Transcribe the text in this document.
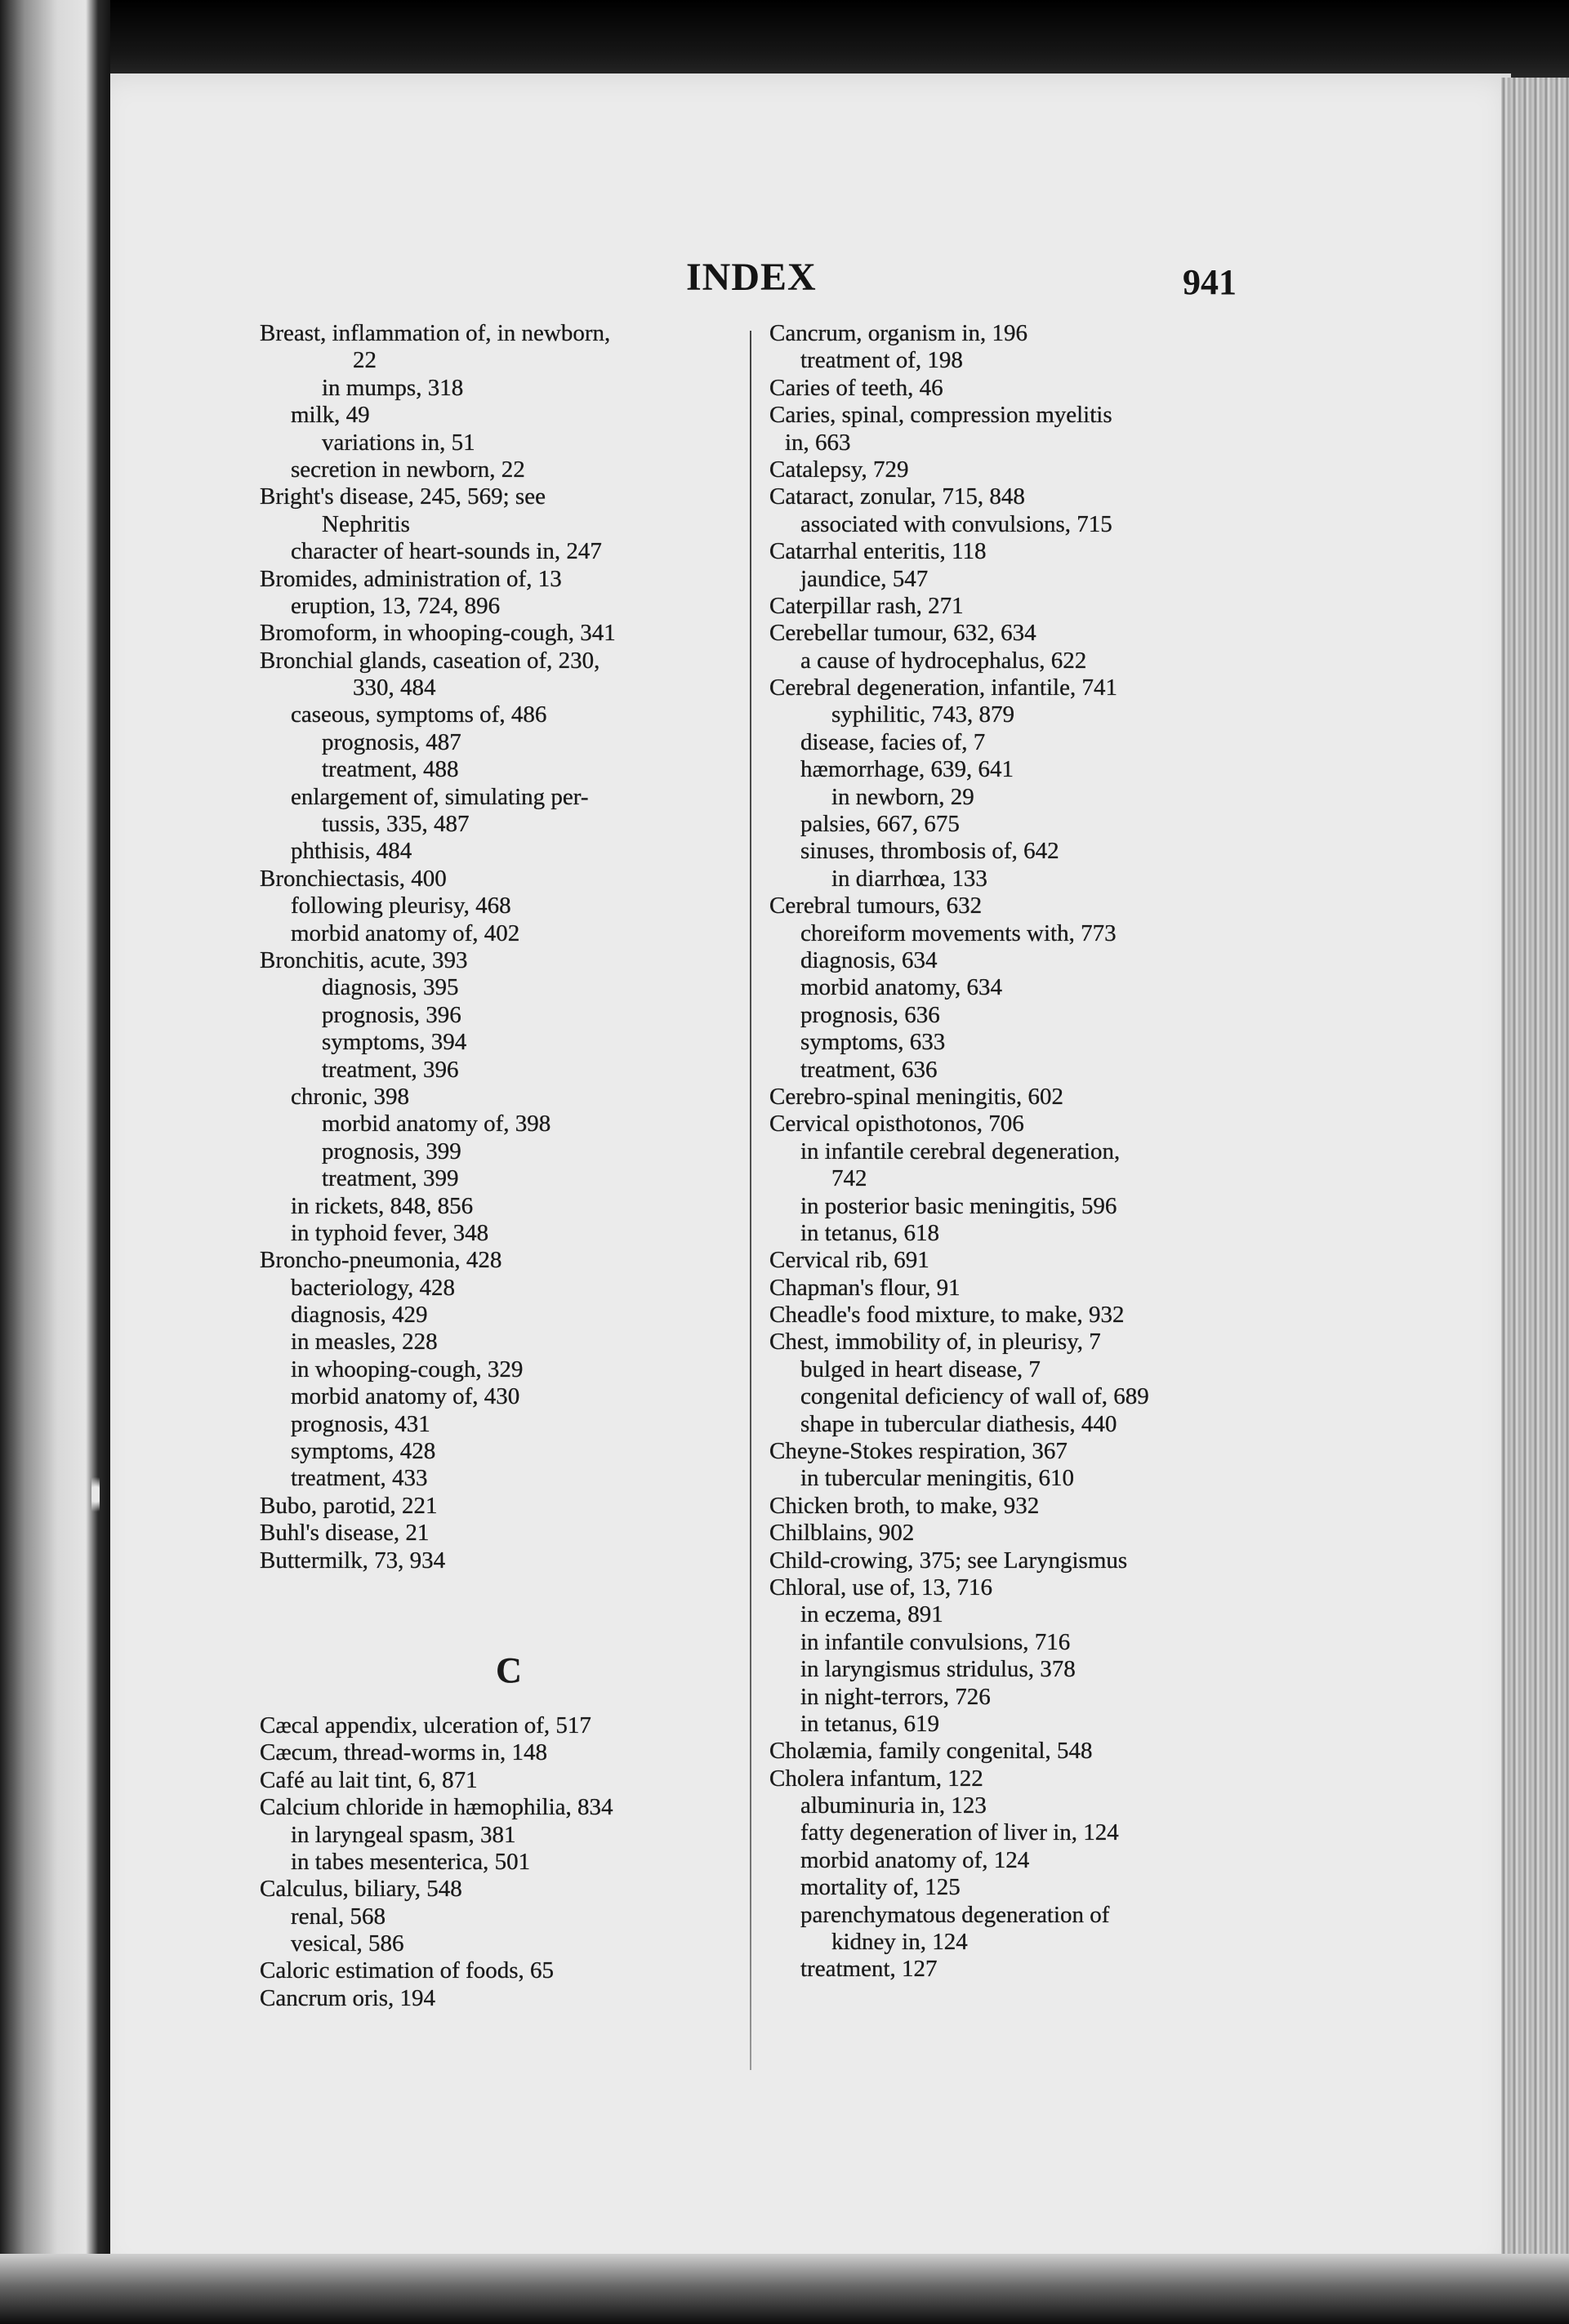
INDEX	941
Breast, inflammation of, in newborn,
22
in mumps, 318
milk, 49
variations in, 51
secretion in newborn, 22
Bright's disease, 245, 569; see
Nephritis
character of heart-sounds in, 247
Bromides, administration of, 13
eruption, 13, 724, 896
Bromoform, in whooping-cough, 341
Bronchial glands, caseation of, 230,
330, 484
caseous, symptoms of, 486
prognosis, 487
treatment, 488
enlargement of, simulating per-
tussis, 335, 487
phthisis, 484
Bronchiectasis, 400
following pleurisy, 468
morbid anatomy of, 402
Bronchitis, acute, 393
diagnosis, 395
prognosis, 396
symptoms, 394
treatment, 396
chronic, 398
morbid anatomy of, 398
prognosis, 399
treatment, 399
in rickets, 848, 856
in typhoid fever, 348
Broncho-pneumonia, 428
bacteriology, 428
diagnosis, 429
in measles, 228
in whooping-cough, 329
morbid anatomy of, 430
prognosis, 431
symptoms, 428
treatment, 433
Bubo, parotid, 221
Buhl's disease, 21
Buttermilk, 73, 934
C
Cæcal appendix, ulceration of, 517
Cæcum, thread-worms in, 148
Café au lait tint, 6, 871
Calcium chloride in hæmophilia, 834
in laryngeal spasm, 381
in tabes mesenterica, 501
Calculus, biliary, 548
renal, 568
vesical, 586
Caloric estimation of foods, 65
Cancrum oris, 194
Cancrum, organism in, 196
treatment of, 198
Caries of teeth, 46
Caries, spinal, compression myelitis
in, 663
Catalepsy, 729
Cataract, zonular, 715, 848
associated with convulsions, 715
Catarrhal enteritis, 118
jaundice, 547
Caterpillar rash, 271
Cerebellar tumour, 632, 634
a cause of hydrocephalus, 622
Cerebral degeneration, infantile, 741
syphilitic, 743, 879
disease, facies of, 7
hæmorrhage, 639, 641
in newborn, 29
palsies, 667, 675
sinuses, thrombosis of, 642
in diarrhœa, 133
Cerebral tumours, 632
choreiform movements with, 773
diagnosis, 634
morbid anatomy, 634
prognosis, 636
symptoms, 633
treatment, 636
Cerebro-spinal meningitis, 602
Cervical opisthotonos, 706
in infantile cerebral degeneration,
742
in posterior basic meningitis, 596
in tetanus, 618
Cervical rib, 691
Chapman's flour, 91
Cheadle's food mixture, to make, 932
Chest, immobility of, in pleurisy, 7
bulged in heart disease, 7
congenital deficiency of wall of, 689
shape in tubercular diathesis, 440
Cheyne-Stokes respiration, 367
in tubercular meningitis, 610
Chicken broth, to make, 932
Chilblains, 902
Child-crowing, 375; see Laryngismus
Chloral, use of, 13, 716
in eczema, 891
in infantile convulsions, 716
in laryngismus stridulus, 378
in night-terrors, 726
in tetanus, 619
Cholæmia, family congenital, 548
Cholera infantum, 122
albuminuria in, 123
fatty degeneration of liver in, 124
morbid anatomy of, 124
mortality of, 125
parenchymatous degeneration of
kidney in, 124
treatment, 127
